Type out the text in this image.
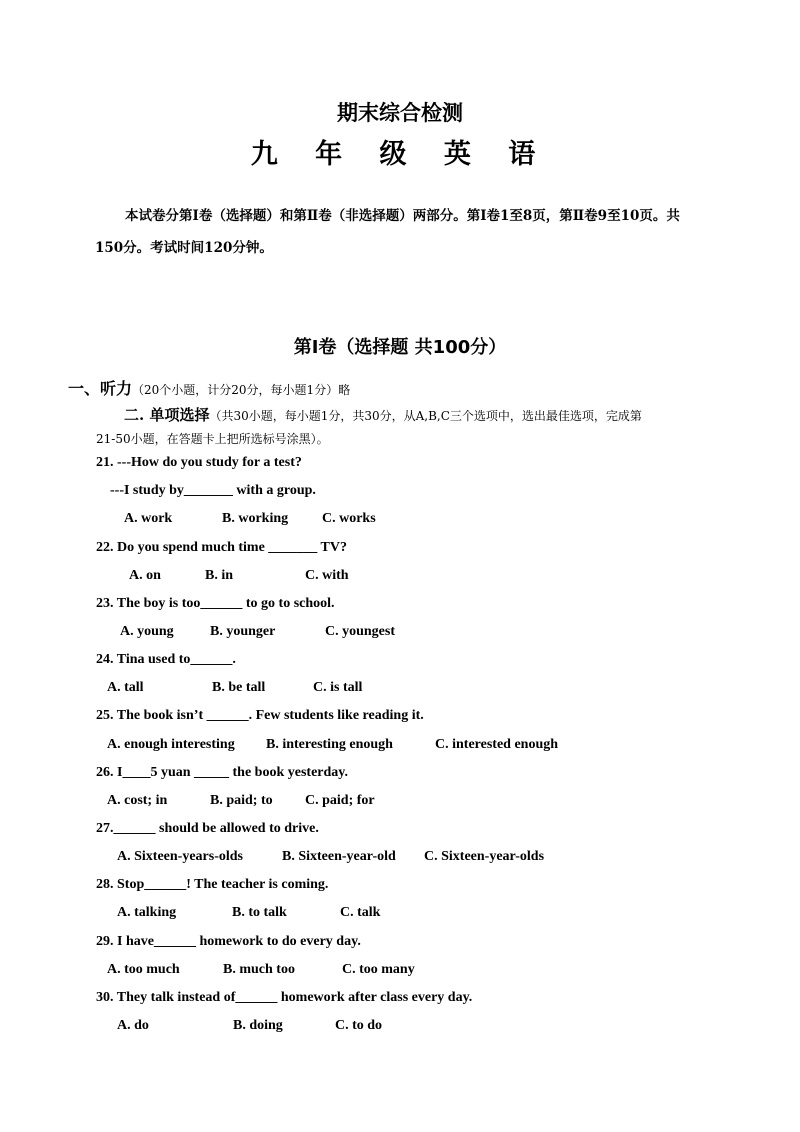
期末综合检测
九 年 级 英 语
本试卷分第Ⅰ卷（选择题）和第Ⅱ卷（非选择题）两部分。第Ⅰ卷1至8页，第Ⅱ卷9至10页。共
150分。考试时间120分钟。
第Ⅰ卷（选择题 共100分）
一、听力（20个小题，计分20分，每小题1分）略
二. 单项选择（共30小题，每小题1分，共30分，从A,B,C三个选项中，选出最佳选项，完成第
21-50小题，在答题卡上把所选标号涂黑）。
21. ---How do you study for a test?
---I study by_______ with a group.
A. work	B. working C. works
22. Do you spend much time _______ TV?
A. on	B. in	C. with
23. The boy is too______ to go to school.
A. young	B. younger	C. youngest
24. Tina used to______.
A. tall	B. be tall	C. is tall
25. The book isn’t ______. Few students like reading it.
A. enough interesting B. interesting enough	C. interested enough
26. I____5 yuan _____ the book yesterday.
A. cost; in	B. paid; to C. paid; for
27.______ should be allowed to drive.
A. Sixteen-years-olds	B. Sixteen-year-old C. Sixteen-year-olds
28. Stop______! The teacher is coming.
A. talking	B. to talk	C. talk
29. I have______ homework to do every day.
A. too much	B. much too	C. too many
30. They talk instead of______ homework after class every day.
A. do	B. doing	C. to do
